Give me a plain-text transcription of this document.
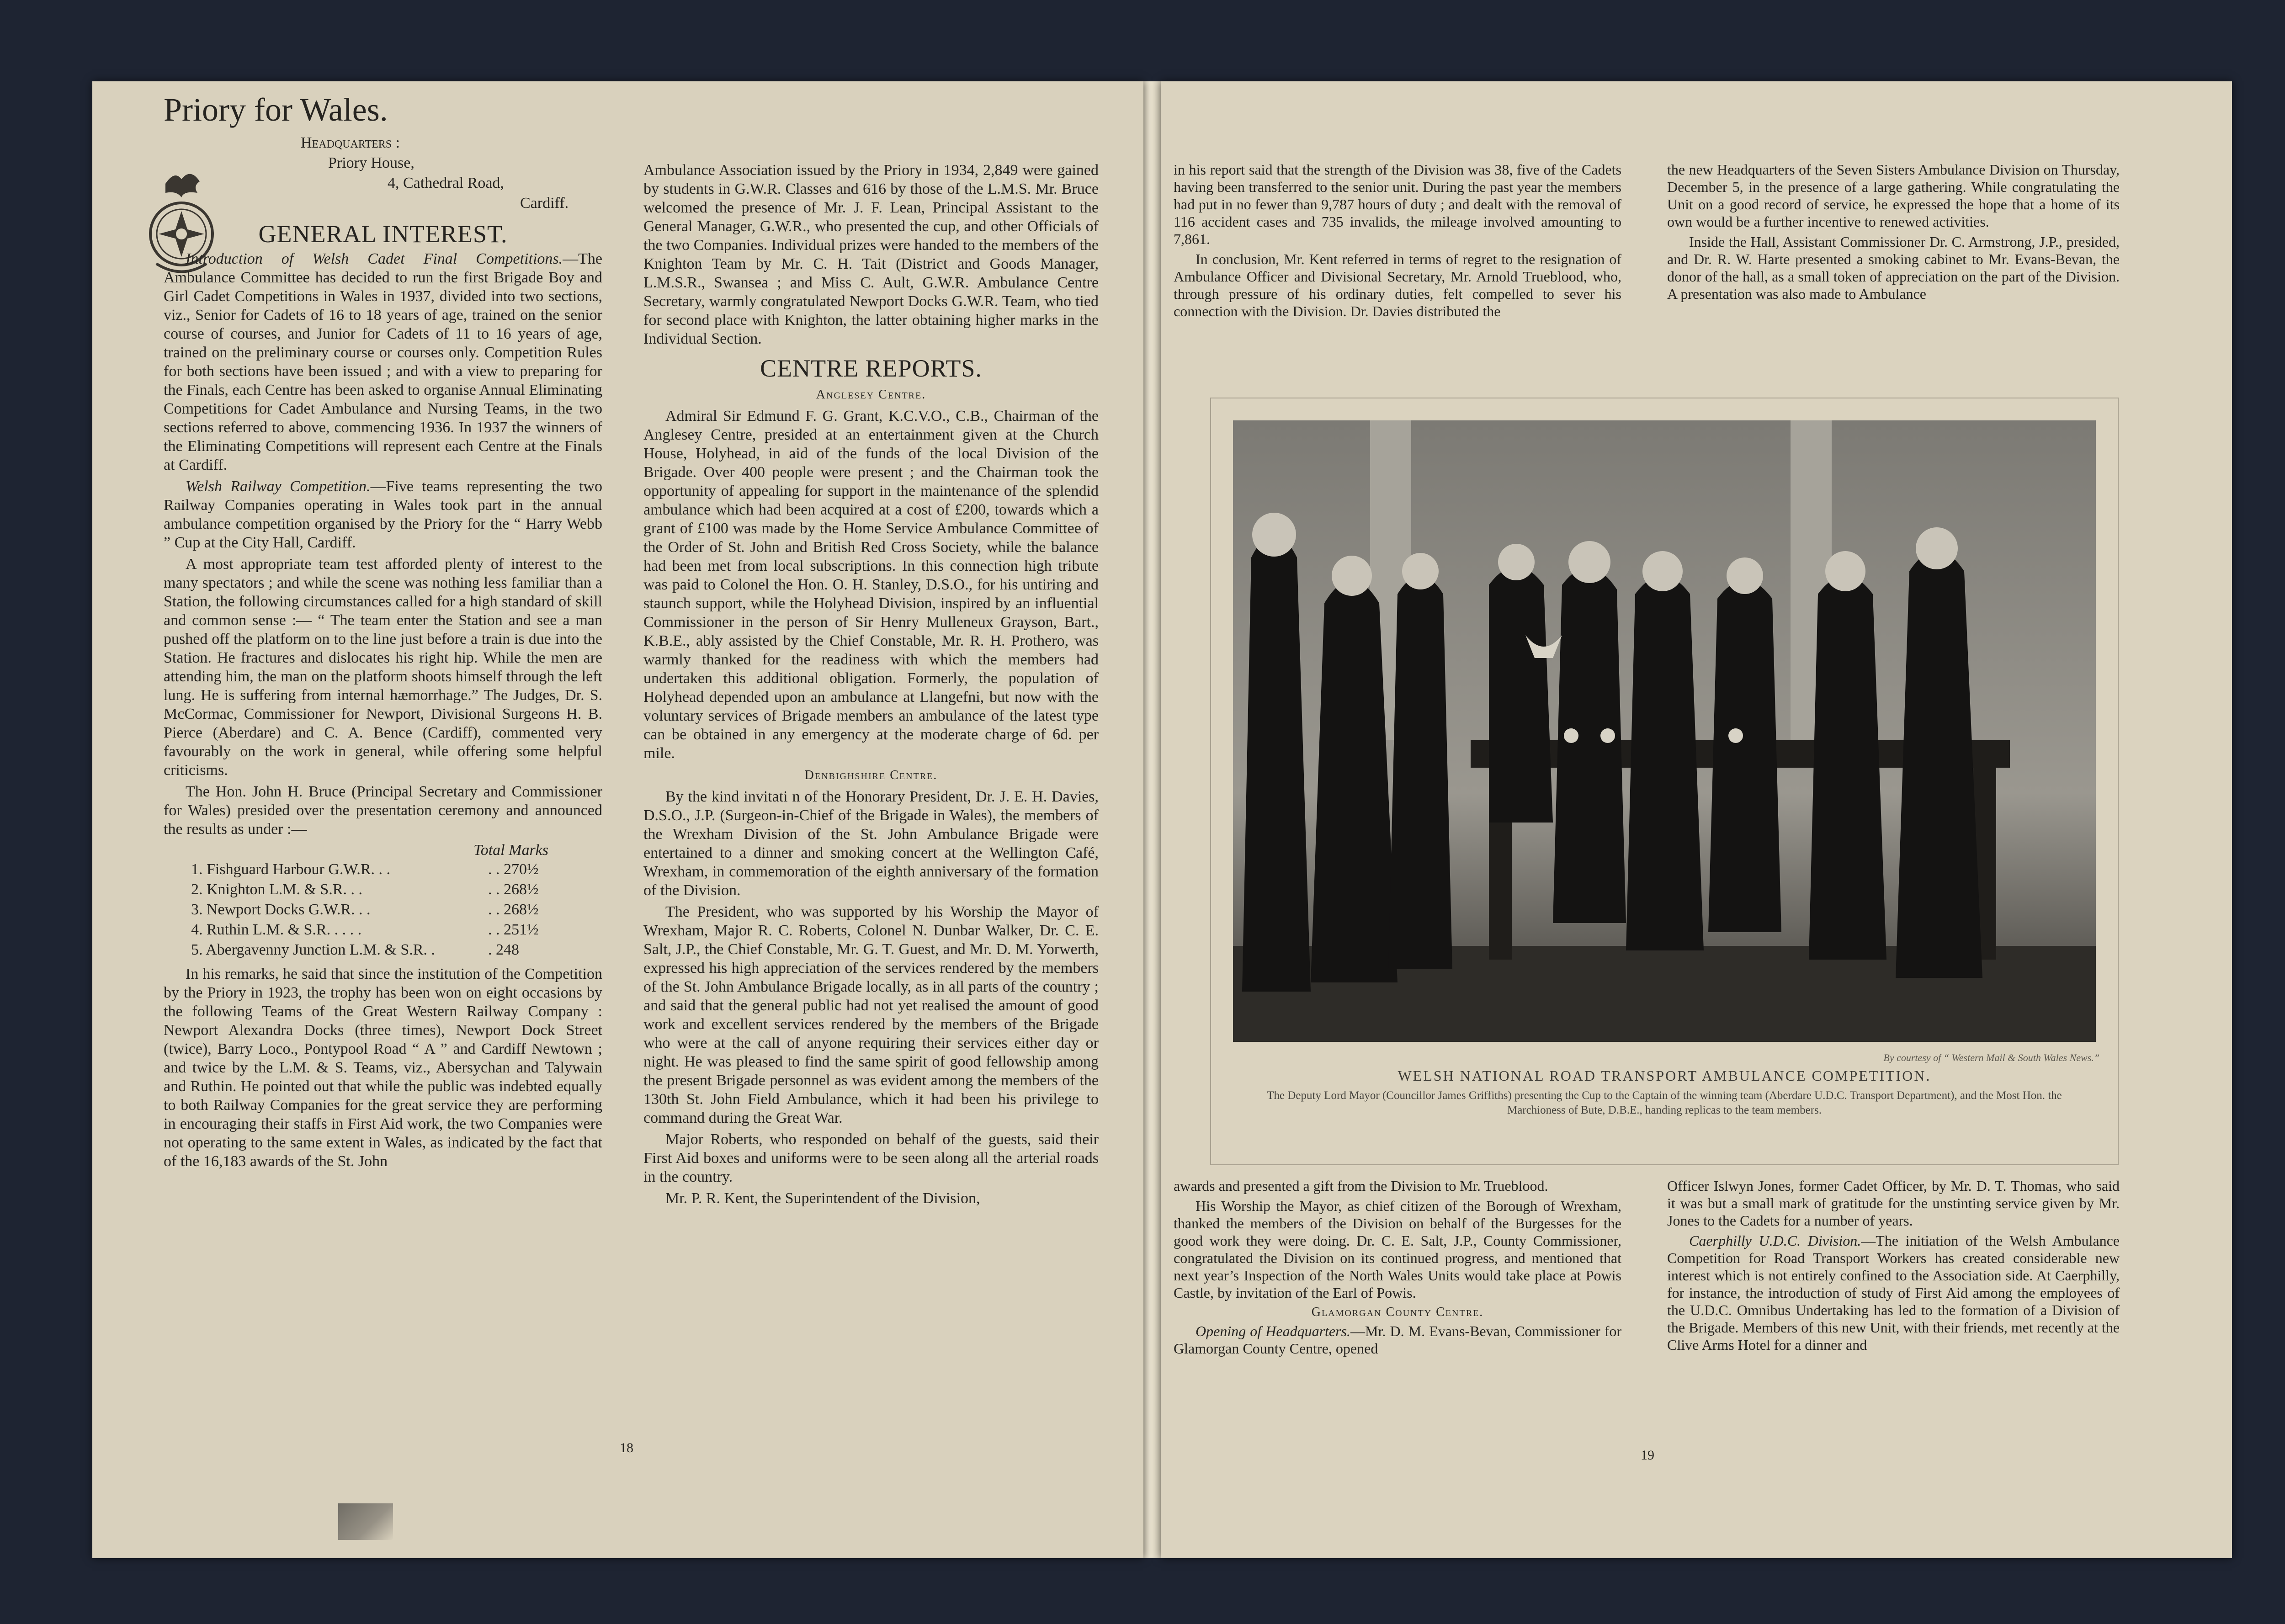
Priory for Wales.
Headquarters :
Priory House,
4, Cathedral Road,
Cardiff.
GENERAL INTEREST.

Introduction of Welsh Cadet Final Competitions.—The Ambulance Committee has decided to run the first Brigade Boy and Girl Cadet Competitions in Wales in 1937, divided into two sections, viz., Senior for Cadets of 16 to 18 years of age, trained on the senior course of courses, and Junior for Cadets of 11 to 16 years of age, trained on the preliminary course or courses only. Competition Rules for both sections have been issued ; and with a view to preparing for the Finals, each Centre has been asked to organise Annual Eliminating Competitions for Cadet Ambulance and Nursing Teams, in the two sections referred to above, commencing 1936. In 1937 the winners of the Eliminating Competitions will represent each Centre at the Finals at Cardiff.

Welsh Railway Competition.—Five teams representing the two Railway Companies operating in Wales took part in the annual ambulance competition organised by the Priory for the “ Harry Webb ” Cup at the City Hall, Cardiff.

A most appropriate team test afforded plenty of interest to the many spectators ; and while the scene was nothing less familiar than a Station, the following circumstances called for a high standard of skill and common sense :— “ The team enter the Station and see a man pushed off the platform on to the line just before a train is due into the Station. He fractures and dislocates his right hip. While the men are attending him, the man on the platform shoots himself through the left lung. He is suffering from internal hæmorrhage.” The Judges, Dr. S. McCormac, Commissioner for Newport, Divisional Surgeons H. B. Pierce (Aberdare) and C. A. Bence (Cardiff), commented very favourably on the work in general, while offering some helpful criticisms.

The Hon. John H. Bruce (Principal Secretary and Commissioner for Wales) presided over the presentation ceremony and announced the results as under :—

Total Marks
1. Fishguard Harbour G.W.R. . .	. . 270½
2. Knighton L.M. & S.R. . .	. . 268½
3. Newport Docks G.W.R. . .	. . 268½
4. Ruthin L.M. & S.R. . . . .	. . 251½
5. Abergavenny Junction L.M. & S.R. .	. 248

In his remarks, he said that since the institution of the Competition by the Priory in 1923, the trophy has been won on eight occasions by the following Teams of the Great Western Railway Company : Newport Alexandra Docks (three times), Newport Dock Street (twice), Barry Loco., Pontypool Road “ A ” and Cardiff Newtown ; and twice by the L.M. & S. Teams, viz., Abersychan and Talywain and Ruthin. He pointed out that while the public was indebted equally to both Railway Companies for the great service they are performing in encouraging their staffs in First Aid work, the two Companies were not operating to the same extent in Wales, as indicated by the fact that of the 16,183 awards of the St. John

Ambulance Association issued by the Priory in 1934, 2,849 were gained by students in G.W.R. Classes and 616 by those of the L.M.S. Mr. Bruce welcomed the presence of Mr. J. F. Lean, Principal Assistant to the General Manager, G.W.R., who presented the cup, and other Officials of the two Companies. Individual prizes were handed to the members of the Knighton Team by Mr. C. H. Tait (District and Goods Manager, L.M.S.R., Swansea ; and Miss C. Ault, G.W.R. Ambulance Centre Secretary, warmly congratulated Newport Docks G.W.R. Team, who tied for second place with Knighton, the latter obtaining higher marks in the Individual Section.

CENTRE REPORTS.
Anglesey Centre.

Admiral Sir Edmund F. G. Grant, K.C.V.O., C.B., Chairman of the Anglesey Centre, presided at an entertainment given at the Church House, Holyhead, in aid of the funds of the local Division of the Brigade. Over 400 people were present ; and the Chairman took the opportunity of appealing for support in the maintenance of the splendid ambulance which had been acquired at a cost of £200, towards which a grant of £100 was made by the Home Service Ambulance Committee of the Order of St. John and British Red Cross Society, while the balance had been met from local subscriptions. In this connection high tribute was paid to Colonel the Hon. O. H. Stanley, D.S.O., for his untiring and staunch support, while the Holyhead Division, inspired by an influential Commissioner in the person of Sir Henry Mulleneux Grayson, Bart., K.B.E., ably assisted by the Chief Constable, Mr. R. H. Prothero, was warmly thanked for the readiness with which the members had undertaken this additional obligation. Formerly, the population of Holyhead depended upon an ambulance at Llangefni, but now with the voluntary services of Brigade members an ambulance of the latest type can be obtained in any emergency at the moderate charge of 6d. per mile.

Denbighshire Centre.

By the kind invitati n of the Honorary President, Dr. J. E. H. Davies, D.S.O., J.P. (Surgeon-in-Chief of the Brigade in Wales), the members of the Wrexham Division of the St. John Ambulance Brigade were entertained to a dinner and smoking concert at the Wellington Café, Wrexham, in commemoration of the eighth anniversary of the formation of the Division.

The President, who was supported by his Worship the Mayor of Wrexham, Major R. C. Roberts, Colonel N. Dunbar Walker, Dr. C. E. Salt, J.P., the Chief Constable, Mr. G. T. Guest, and Mr. D. M. Yorwerth, expressed his high appreciation of the services rendered by the members of the St. John Ambulance Brigade locally, as in all parts of the country ; and said that the general public had not yet realised the amount of good work and excellent services rendered by the members of the Brigade who were at the call of anyone requiring their services either day or night. He was pleased to find the same spirit of good fellowship among the present Brigade personnel as was evident among the members of the 130th St. John Field Ambulance, which it had been his privilege to command during the Great War.

Major Roberts, who responded on behalf of the guests, said their First Aid boxes and uniforms were to be seen along all the arterial roads in the country.

Mr. P. R. Kent, the Superintendent of the Division,

18

in his report said that the strength of the Division was 38, five of the Cadets having been transferred to the senior unit. During the past year the members had put in no fewer than 9,787 hours of duty ; and dealt with the removal of 116 accident cases and 735 invalids, the mileage involved amounting to 7,861.

In conclusion, Mr. Kent referred in terms of regret to the resignation of Ambulance Officer and Divisional Secretary, Mr. Arnold Trueblood, who, through pressure of his ordinary duties, felt compelled to sever his connection with the Division. Dr. Davies distributed the

the new Headquarters of the Seven Sisters Ambulance Division on Thursday, December 5, in the presence of a large gathering. While congratulating the Unit on a good record of service, he expressed the hope that a home of its own would be a further incentive to renewed activities.

Inside the Hall, Assistant Commissioner Dr. C. Armstrong, J.P., presided, and Dr. R. W. Harte presented a smoking cabinet to Mr. Evans-Bevan, the donor of the hall, as a small token of appreciation on the part of the Division. A presentation was also made to Ambulance

By courtesy of “ Western Mail & South Wales News.”
WELSH NATIONAL ROAD TRANSPORT AMBULANCE COMPETITION.
The Deputy Lord Mayor (Councillor James Griffiths) presenting the Cup to the Captain of the winning team (Aberdare U.D.C. Transport Department), and the Most Hon. the Marchioness of Bute, D.B.E., handing replicas to the team members.

awards and presented a gift from the Division to Mr. Trueblood.

His Worship the Mayor, as chief citizen of the Borough of Wrexham, thanked the members of the Division on behalf of the Burgesses for the good work they were doing. Dr. C. E. Salt, J.P., County Commissioner, congratulated the Division on its continued progress, and mentioned that next year’s Inspection of the North Wales Units would take place at Powis Castle, by invitation of the Earl of Powis.

Glamorgan County Centre.

Opening of Headquarters.—Mr. D. M. Evans-Bevan, Commissioner for Glamorgan County Centre, opened

Officer Islwyn Jones, former Cadet Officer, by Mr. D. T. Thomas, who said it was but a small mark of gratitude for the unstinting service given by Mr. Jones to the Cadets for a number of years.

Caerphilly U.D.C. Division.—The initiation of the Welsh Ambulance Competition for Road Transport Workers has created considerable new interest which is not entirely confined to the Association side. At Caerphilly, for instance, the introduction of study of First Aid among the employees of the U.D.C. Omnibus Undertaking has led to the formation of a Division of the Brigade. Members of this new Unit, with their friends, met recently at the Clive Arms Hotel for a dinner and

19
